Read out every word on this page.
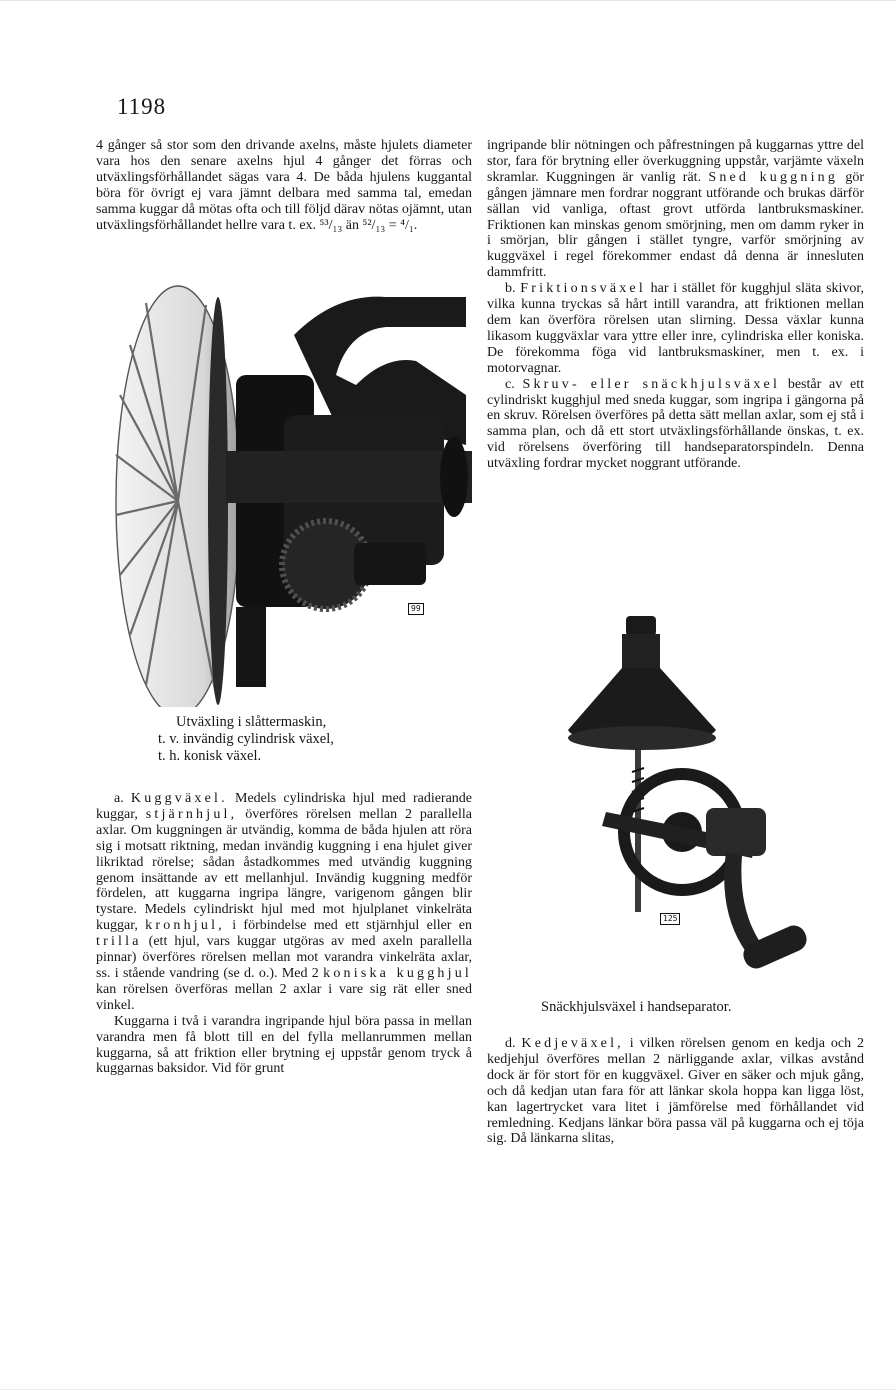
1198

4 gånger så stor som den drivande axelns, måste hjulets diameter vara hos den senare axelns hjul 4 gånger det förras och utväxlingsförhållandet sägas vara 4. De båda hjulens kuggantal böra för övrigt ej vara jämnt delbara med samma tal, emedan samma kuggar då mötas ofta och till följd därav nötas ojämnt, utan utväxlingsförhållandet hellre vara t. ex. ⁵³/₁₃ än ⁵²/₁₃ = ⁴/₁.

99
Utväxling i slåttermaskin,
t. v. invändig cylindrisk växel,
t. h. konisk växel.

a. Kuggväxel. Medels cylindriska hjul med radierande kuggar, stjärnhjul, överföres rörelsen mellan 2 parallella axlar. Om kuggningen är utvändig, komma de båda hjulen att röra sig i motsatt riktning, medan invändig kuggning i ena hjulet giver likriktad rörelse; sådan åstadkommes med utvändig kuggning genom insättande av ett mellanhjul. Invändig kuggning medför fördelen, att kuggarna ingripa längre, varigenom gången blir tystare. Medels cylindriskt hjul med mot hjulplanet vinkelräta kuggar, kronhjul, i förbindelse med ett stjärnhjul eller en trilla (ett hjul, vars kuggar utgöras av med axeln parallella pinnar) överföres rörelsen mellan mot varandra vinkelräta axlar, ss. i stående vandring (se d. o.). Med 2 koniska kugghjul kan rörelsen överföras mellan 2 axlar i vare sig rät eller sned vinkel.

Kuggarna i två i varandra ingripande hjul böra passa in mellan varandra men få blott till en del fylla mellanrummen mellan kuggarna, så att friktion eller brytning ej uppstår genom tryck å kuggarnas baksidor. Vid för grunt

ingripande blir nötningen och påfrestningen på kuggarnas yttre del stor, fara för brytning eller överkuggning uppstår, varjämte växeln skramlar. Kuggningen är vanlig rät. Sned kuggning gör gången jämnare men fordrar noggrant utförande och brukas därför sällan vid vanliga, oftast grovt utförda lantbruksmaskiner. Friktionen kan minskas genom smörjning, men om damm ryker in i smörjan, blir gången i stället tyngre, varför smörjning av kuggväxel i regel förekommer endast då denna är innesluten dammfritt.

b. Friktionsväxel har i stället för kugghjul släta skivor, vilka kunna tryckas så hårt intill varandra, att friktionen mellan dem kan överföra rörelsen utan slirning. Dessa växlar kunna likasom kuggväxlar vara yttre eller inre, cylindriska eller koniska. De förekomma föga vid lantbruksmaskiner, men t. ex. i motorvagnar.

c. Skruv- eller snäckhjulsväxel består av ett cylindriskt kugghjul med sneda kuggar, som ingripa i gängorna på en skruv. Rörelsen överföres på detta sätt mellan axlar, som ej stå i samma plan, och då ett stort utväxlingsförhållande önskas, t. ex. vid rörelsens överföring till handseparatorspindeln. Denna utväxling fordrar mycket noggrant utförande.

125
Snäckhjulsväxel i handseparator.

d. Kedjeväxel, i vilken rörelsen genom en kedja och 2 kedjehjul överföres mellan 2 närliggande axlar, vilkas avstånd dock är för stort för en kuggväxel. Giver en säker och mjuk gång, och då kedjan utan fara för att länkar skola hoppa kan ligga löst, kan lagertrycket vara litet i jämförelse med förhållandet vid remledning. Kedjans länkar böra passa väl på kuggarna och ej töja sig. Då länkarna slitas,
